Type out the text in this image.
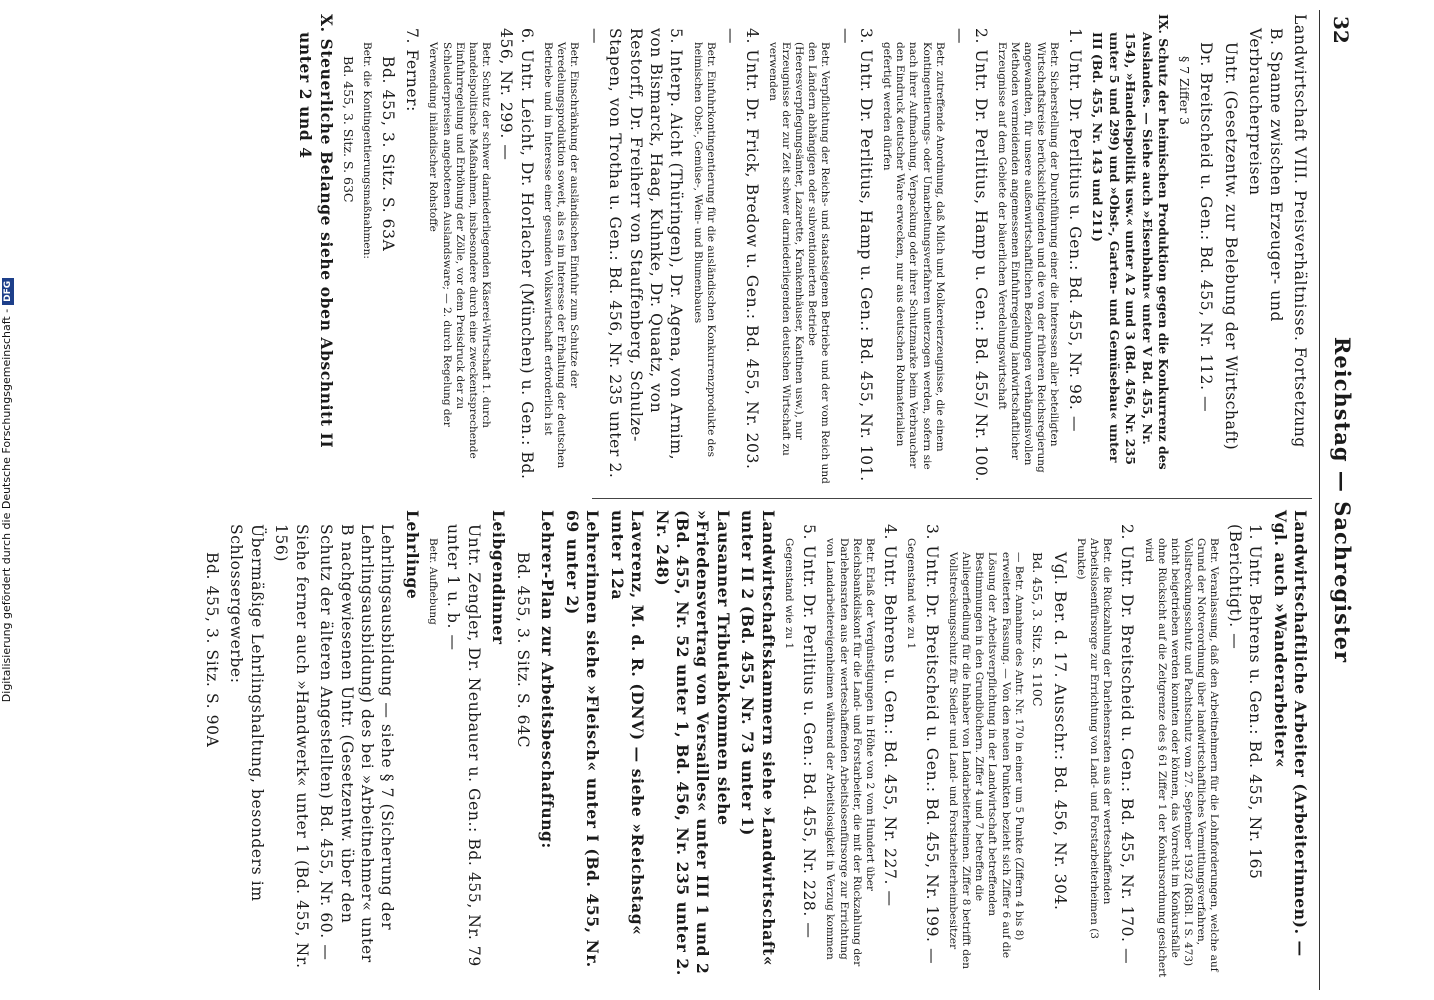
32
Reichstag — Sachregister
Landwirtschaft VIII. Preisverhältnisse. Fortsetzung
B. Spanne zwischen Erzeuger- und Verbraucherpreisen
Untr. (Gesetzentw. zur Belebung der Wirtschaft)
Dr. Breitscheid u. Gen.: Bd. 455, Nr. 112. —
§ 7 Ziffer 3
IX. Schutz der heimischen Produktion gegen die Konkurrenz des Auslandes. — Siehe auch »Eisenbahn« unter V Bd. 455, Nr. 154), »Handelspolitik usw.« unter A 2 und 3 (Bd. 456, Nr. 235 unter 5 und 299) und »Obst-, Garten- und Gemüsebau« unter III (Bd. 455, Nr. 143 und 211)
1. Untr. Dr. Perlitius u. Gen.: Bd. 455, Nr. 98. —
Betr. Sicherstellung der Durchführung einer die Interessen aller beteiligten Wirtschaftskreise berücksichtigenden und die von der früheren Reichsregierung angewandten, für unsere außenwirtschaftlichen Beziehungen verhängnisvollen Methoden vermeidenden angemessenen Einfuhrregelung landwirtschaftlicher Erzeugnisse auf dem Gebiete der bäuerlichen Veredelungswirtschaft
2. Untr. Dr. Perlitius, Hamp u. Gen.: Bd. 455/ Nr. 100. —
Betr. zutreffende Anordnung, daß Milch und Molkereierzeugnisse, die einem Kontingentierungs- oder Umarbeitungsverfahren unterzogen werden, sofern sie nach ihrer Aufmachung, Verpackung oder ihrer Schutzmarke beim Verbraucher den Eindruck deutscher Ware erwecken, nur aus deutschen Rohmaterialien gefertigt werden dürfen
3. Untr. Dr. Perlitius, Hamp u. Gen.: Bd. 455, Nr. 101. —
Betr. Verpflichtung der Reichs- und staatseigenen Betriebe und der vom Reich und den Ländern abhängigen oder subventionierten Betriebe (Heeresverpflegungsämter, Lazarette, Krankenhäuser, Kantinen usw.), nur Erzeugnisse der zur Zeit schwer darniederliegenden deutschen Wirtschaft zu verwenden
4. Untr. Dr. Frick, Bredow u. Gen.: Bd. 455, Nr. 203. —
Betr. Einfuhrkontingentierung für die ausländischen Konkurrenzprodukte des heimischen Obst-, Gemüse-, Wein- und Blumenbaues
5. Interp. Aicht (Thüringen), Dr. Agena, von Arnim, von Bismarck, Haag, Kuhnke, Dr. Quaatz, von Restorff, Dr. Freiherr von Stauffenberg, Schulze-Stapen, von Trotha u. Gen.: Bd. 456, Nr. 235 unter 2. —
Betr. Einschränkung der ausländischen Einfuhr zum Schutze der Veredelungsproduktion soweit, als es im Interesse der Erhaltung der deutschen Betriebe und im Interesse einer gesunden Volkswirtschaft erforderlich ist
6. Untr. Leicht, Dr. Horlacher (München) u. Gen.: Bd. 456, Nr. 299. —
Betr. Schutz der schwer darniederliegenden Käserei-Wirtschaft 1. durch handelspolitische Maßnahmen, insbesondere durch eine zweckentsprechende Einfuhrregelung und Erhöhung der Zölle, vor dem Preisdruck der zu Schleuderpreisen angebotenen Auslandsware; — 2. durch Regelung der Verwendung inländischer Rohstoffe
7. Ferner:
Bd. 455, 3. Sitz. S. 63A
Betr. die Kontingentierungsmaßnahmen:
Bd. 455, 3. Sitz. S. 63C
X. Steuerliche Belange siehe oben Abschnitt II unter 2 und 4
Landwirtschaftliche Arbeiter (Arbeiterinnen). — Vgl. auch »Wanderarbeiter«
1. Untr. Behrens u. Gen.: Bd. 455, Nr. 165 (Berichtigt). —
Betr. Veranlassung, daß den Arbeitnehmern für die Lohnforderungen, welche auf Grund der Notverordnung über landwirtschaftliches Vermittlungsverfahren, Vollstreckungsschutz und Pachtschutz vom 27. September 1932 (RGBl. I S. 473) nicht beigetrieben werden konnten oder können, das Vorrecht im Konkursfalle ohne Rücksicht auf die Zeitgrenze des § 61 Ziffer 1 der Konkursordnung gesichert wird
2. Untr. Dr. Breitscheid u. Gen.: Bd. 455, Nr. 170. —
Betr. die Rückzahlung der Darlehensraten aus der werteschaffenden Arbeitslosenfürsorge zur Errichtung von Land- und Forstarbeiterheimen (3 Punkte)
Vgl. Ber. d. 17. Ausschr.: Bd. 456, Nr. 304.
Bd. 455, 3. Sitz. S. 110C
— Betr. Annahme des Antr. Nr. 170 in einer um 5 Punkte (Ziffern 4 bis 8) erweiterten Fassung. — Von den neuen Punkten bezieht sich Ziffer 6 auf die Lösung der Arbeitsverpflichtung in der Landwirtschaft betreffenden Bestimmungen in den Grundbüchern. Ziffer 4 und 7 betreffen die Anliegerfiedlung für die Inhaber von Landarbeiterheimen. Ziffer 8 betrifft den Vollstreckungsschutz für Siedler und Land- und Forstarbeiterheimbesitzer
3. Untr. Dr. Breitscheid u. Gen.: Bd. 455, Nr. 199. —
Gegenstand wie zu 1
4. Untr. Behrens u. Gen.: Bd. 455, Nr. 227. —
Betr. Erlaß der Vergünstigungen in Höhe von 2 vom Hundert über Reichsbankdiskont für die Land- und Forstarbeiter, die mit der Rückzahlung der Darlehensraten aus der werteschaffenden Arbeitslosenfürsorge zur Errichtung von Landarbeitereigenheimen während der Arbeitslosigkeit in Verzug kommen
5. Untr. Dr. Perlitius u. Gen.: Bd. 455, Nr. 228. —
Gegenstand wie zu 1
Landwirtschaftskammern siehe »Landwirtschaft« unter II 2 (Bd. 455, Nr. 73 unter 1)
Lausanner Tributabkommen siehe »Friedensvertrag von Versailles« unter III 1 und 2 (Bd. 455, Nr. 52 unter 1, Bd. 456, Nr. 235 unter 2. Nr. 248)
Laverenz, M. d. R. (DNV) — siehe »Reichstag« unter 12a
Lehrerinnen siehe »Fleisch« unter I (Bd. 455, Nr. 69 unter 2)
Lehrer-Plan zur Arbeitsbeschaffung:
Bd. 455, 3. Sitz. S. 64C
Leibgendinner
Untr. Zengler, Dr. Neubauer u. Gen.: Bd. 455, Nr. 79 unter 1 u. b. —
Betr. Aufhebung
Lehrlinge
Lehrlingsausbildung — siehe § 7 (Sicherung der Lehrlingsausbildung) des bei »Arbeitnehmer« unter B nachgewiesenen Untr. (Gesetzentw. über den Schutz der älteren Angestellten) Bd. 455, Nr. 60. —
Siehe ferner auch »Handwerk« unter 1 (Bd. 455, Nr. 156)
Übermäßige Lehrlingshaltung, besonders im Schlossergewerbe:
Bd. 455, 3. Sitz. S. 90A
Digitalisierung gefördert durch die Deutsche Forschungsgemeinschaft -DFG
